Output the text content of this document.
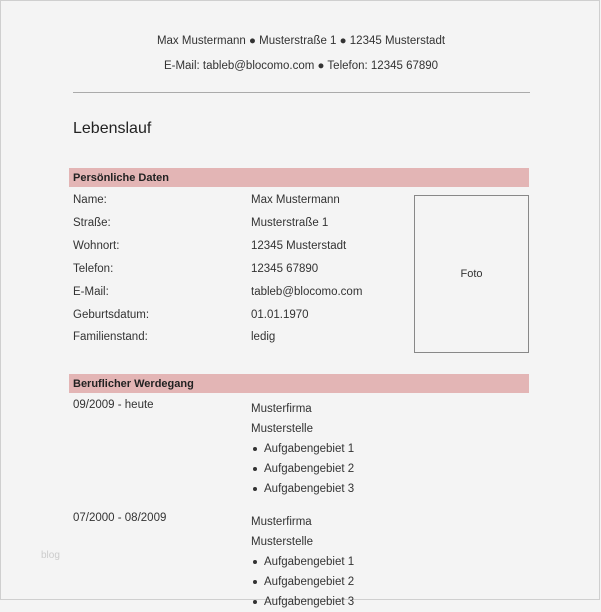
Max Mustermann ● Musterstraße 1 ● 12345 Musterstadt
E-Mail: tableb@blocomo.com ● Telefon: 12345 67890
Lebenslauf
Persönliche Daten
Name:	Max Mustermann
Straße:	Musterstraße 1
Wohnort:	12345 Musterstadt
Telefon:	12345 67890
E-Mail:	tableb@blocomo.com
Geburtsdatum:	01.01.1970
Familienstand:	ledig
Foto
Beruflicher Werdegang
09/2009 - heute	Musterfirma
Musterstelle
Aufgabengebiet 1
Aufgabengebiet 2
Aufgabengebiet 3
07/2000 - 08/2009	Musterfirma
Musterstelle
Aufgabengebiet 1
Aufgabengebiet 2
Aufgabengebiet 3
blog
